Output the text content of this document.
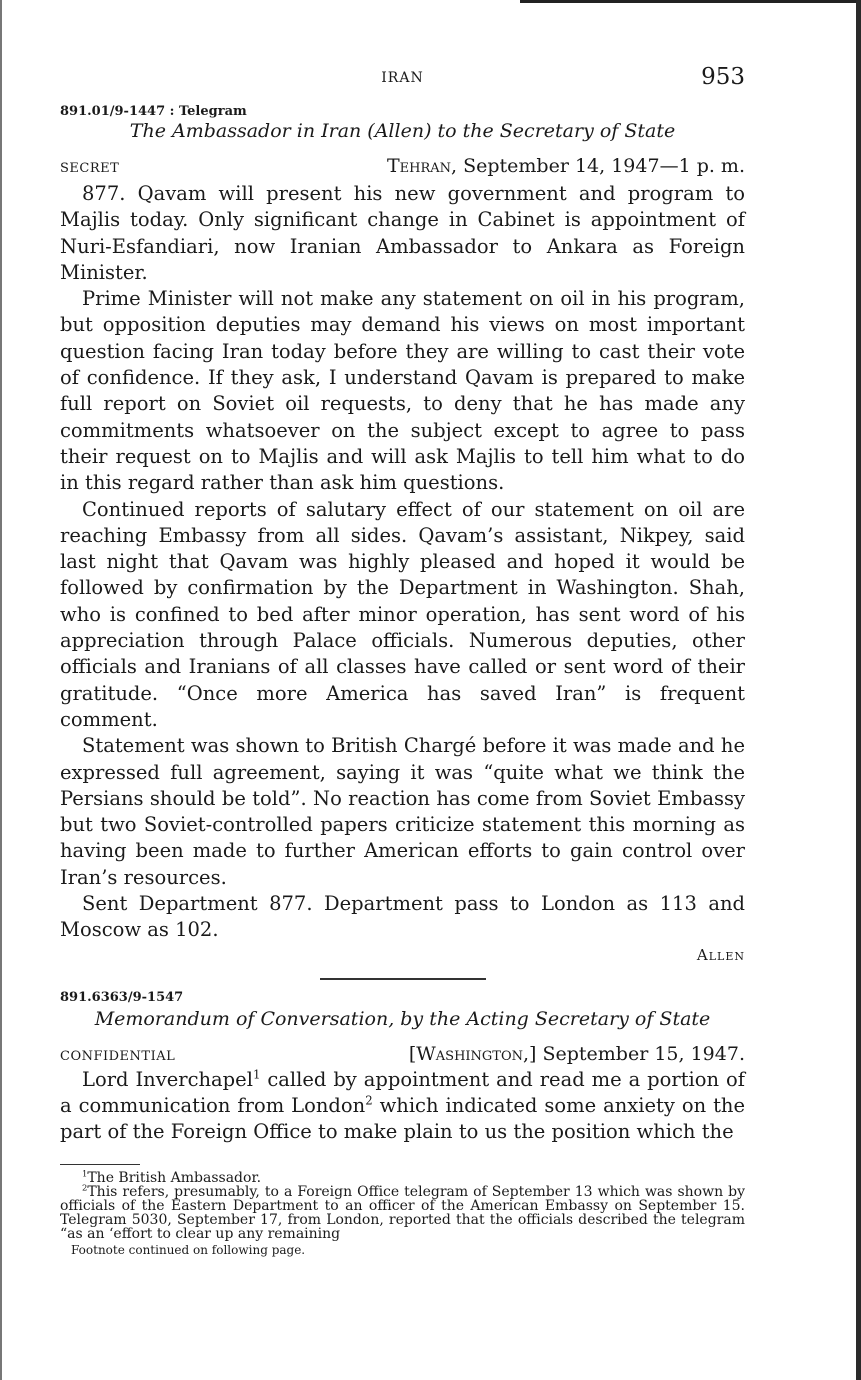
IRAN	953
891.01/9-1447 : Telegram
The Ambassador in Iran (Allen) to the Secretary of State
SECRET	Tehran, September 14, 1947—1 p. m.

877. Qavam will present his new government and program to Majlis today. Only significant change in Cabinet is appointment of Nuri-Esfandiari, now Iranian Ambassador to Ankara as Foreign Minister.

Prime Minister will not make any statement on oil in his program, but opposition deputies may demand his views on most important question facing Iran today before they are willing to cast their vote of confidence. If they ask, I understand Qavam is prepared to make full report on Soviet oil requests, to deny that he has made any commitments whatsoever on the subject except to agree to pass their request on to Majlis and will ask Majlis to tell him what to do in this regard rather than ask him questions.

Continued reports of salutary effect of our statement on oil are reaching Embassy from all sides. Qavam’s assistant, Nikpey, said last night that Qavam was highly pleased and hoped it would be followed by confirmation by the Department in Washington. Shah, who is confined to bed after minor operation, has sent word of his appreciation through Palace officials. Numerous deputies, other officials and Iranians of all classes have called or sent word of their gratitude. “Once more America has saved Iran” is frequent comment.

Statement was shown to British Chargé before it was made and he expressed full agreement, saying it was “quite what we think the Persians should be told”. No reaction has come from Soviet Embassy but two Soviet-controlled papers criticize statement this morning as having been made to further American efforts to gain control over Iran’s resources.

Sent Department 877. Department pass to London as 113 and Moscow as 102.

Allen
891.6363/9-1547
Memorandum of Conversation, by the Acting Secretary of State
CONFIDENTIAL	[Washington,] September 15, 1947.

Lord Inverchapel$^1$ called by appointment and read me a portion of a communication from London$^2$ which indicated some anxiety on the part of the Foreign Office to make plain to us the position which the

$^1$The British Ambassador.

$^2$This refers, presumably, to a Foreign Office telegram of September 13 which was shown by officials of the Eastern Department to an officer of the American Embassy on September 15. Telegram 5030, September 17, from London, reported that the officials described the telegram “as an ‘effort to clear up any remaining

Footnote continued on following page.
